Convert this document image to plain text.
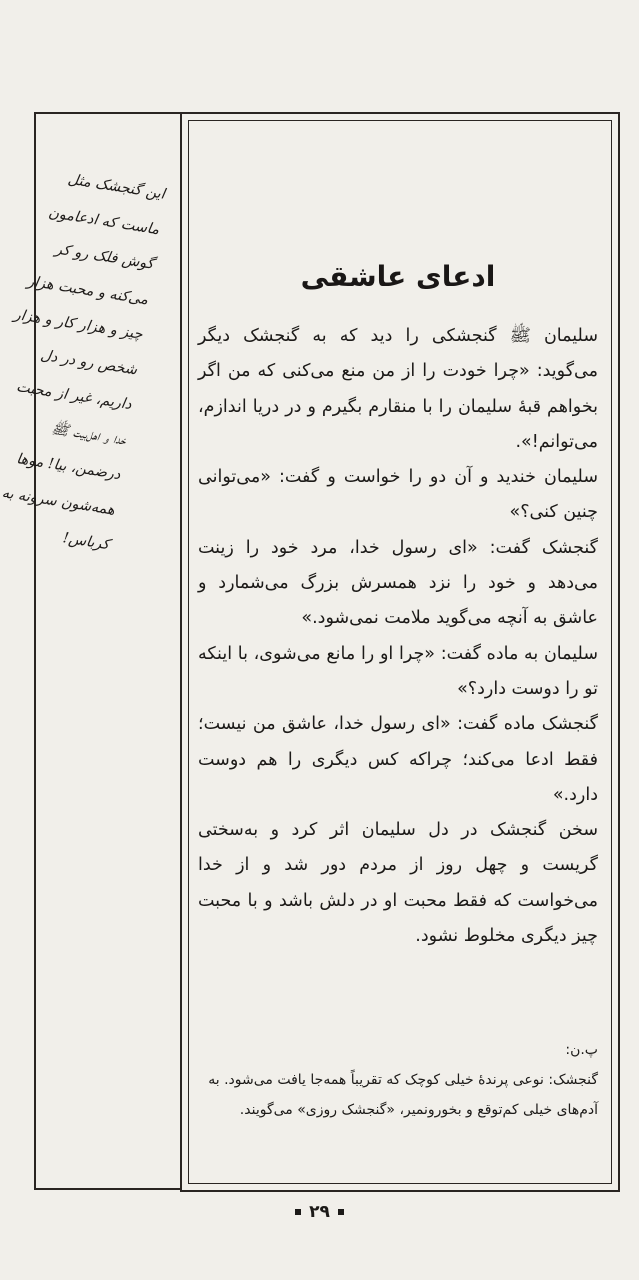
این گنجشک مثل
ماست که ادعامون
گوش فلک رو کر
می‌کنه و محبت هزار
چیز و هزار کار و هزار
شخص رو در دل
داریم، غیر از محبت
خدا و اهل‌بیت ﷺ
درضمن، بیا! موها
همه‌شون سرونه به
کرباس!
ادعای عاشقی

سلیمان ﷺ گنجشکی را دید که به گنجشک دیگر می‌گوید: «چرا خودت را از من منع می‌کنی که من اگر بخواهم قبهٔ سلیمان را با منقارم بگیرم و در دریا اندازم، می‌توانم!».

سلیمان خندید و آن دو را خواست و گفت: «می‌توانی چنین کنی؟»

گنجشک گفت: «ای رسول خدا، مرد خود را زینت می‌دهد و خود را نزد همسرش بزرگ می‌شمارد و عاشق به آنچه می‌گوید ملامت نمی‌شود.»

سلیمان به ماده گفت: «چرا او را مانع می‌شوی، با اینکه تو را دوست دارد؟»

گنجشک ماده گفت: «ای رسول خدا، عاشق من نیست؛ فقط ادعا می‌کند؛ چراکه کس دیگری را هم دوست دارد.»

سخن گنجشک در دل سلیمان اثر کرد و به‌سختی گریست و چهل روز از مردم دور شد و از خدا می‌خواست که فقط محبت او در دلش باشد و با محبت چیز دیگری مخلوط نشود.

پ.ن:

گنجشک: نوعی پرندهٔ خیلی کوچک که تقریباً همه‌جا یافت می‌شود. به آدم‌های خیلی کم‌توقع و بخورونمیر، «گنجشک روزی» می‌گویند.

۲۹
